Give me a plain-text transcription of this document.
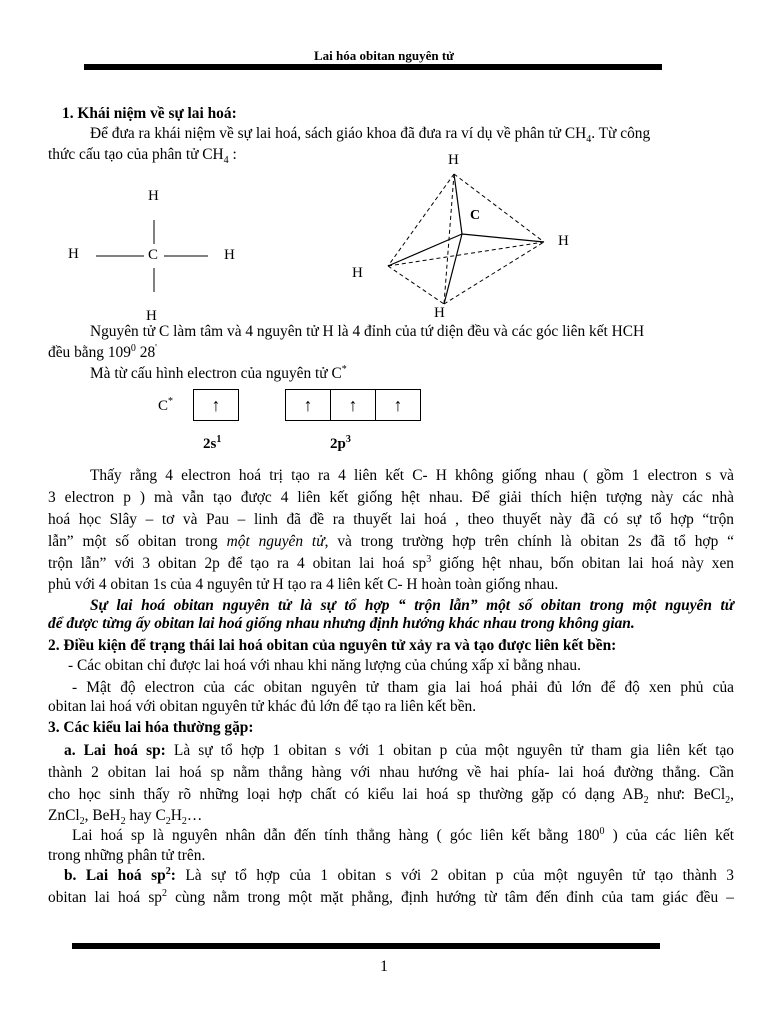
Lai hóa obitan nguyên tử
1. Khái niệm về sự lai hoá:
Để đưa ra khái niệm về sự lai hoá, sách giáo khoa đã đưa ra ví dụ về phân tử $CH_4$. Từ công
thức cấu tạo của phân tử $CH_4$ :
H
H	C	H
H
H
C
H
H
H
Nguyên tử C làm tâm và 4 nguyên tử H là 4 đỉnh của tứ diện đều và các góc liên kết HCH
đều bằng $109^0$ 28'
Mà từ cấu hình electron của nguyên tử C*
C*	↑	↑	↑	↑
$2s^1$	$2p^3$
Thấy rằng 4 electron hoá trị tạo ra 4 liên kết C- H không giống nhau ( gồm 1 electron s và
3 electron p ) mà vẫn tạo được 4 liên kết giống hệt nhau. Để giải thích hiện tượng này các nhà
hoá học Slây – tơ và Pau – linh đã đề ra thuyết lai hoá , theo thuyết này đã có sự tổ hợp “trộn
lẫn” một số obitan trong một nguyên tử, và trong trường hợp trên chính là obitan 2s đã tổ hợp “
trộn lẫn” với 3 obitan 2p để tạo ra 4 obitan lai hoá $sp^3$ giống hệt nhau, bốn obitan lai hoá này xen
phủ với 4 obitan 1s của 4 nguyên tử H tạo ra 4 liên kết C- H hoàn toàn giống nhau.
Sự lai hoá obitan nguyên tử là sự tổ hợp “ trộn lẫn” một số obitan trong một nguyên tử
để được từng ấy obitan lai hoá giống nhau nhưng định hướng khác nhau trong không gian.
2. Điều kiện để trạng thái lai hoá obitan của nguyên tử xảy ra và tạo được liên kết bền:
- Các obitan chỉ được lai hoá với nhau khi năng lượng của chúng xấp xỉ bằng nhau.
- Mật độ electron của các obitan nguyên tử tham gia lai hoá phải đủ lớn để độ xen phủ của
obitan lai hoá với obitan nguyên tử khác đủ lớn để tạo ra liên kết bền.
3. Các kiểu lai hóa thường gặp:
a. Lai hoá sp: Là sự tổ hợp 1 obitan s với 1 obitan p của một nguyên tử tham gia liên kết tạo
thành 2 obitan lai hoá sp nằm thẳng hàng với nhau hướng về hai phía- lai hoá đường thẳng. Cần
cho học sinh thấy rõ những loại hợp chất có kiểu lai hoá sp thường gặp có dạng $AB_2$ như: BeCl$_2$,
ZnCl$_2$, BeH$_2$ hay $C_2H_2\dots$
Lai hoá sp là nguyên nhân dẫn đến tính thẳng hàng ( góc liên kết bằng $180^0$ ) của các liên kết
trong những phân tử trên.
b. Lai hoá $sp^2$: Là sự tổ hợp của 1 obitan s với 2 obitan p của một nguyên tử tạo thành 3
obitan lai hoá $sp^2$ cùng nằm trong một mặt phẳng, định hướng từ tâm đến đỉnh của tam giác đều –
1
